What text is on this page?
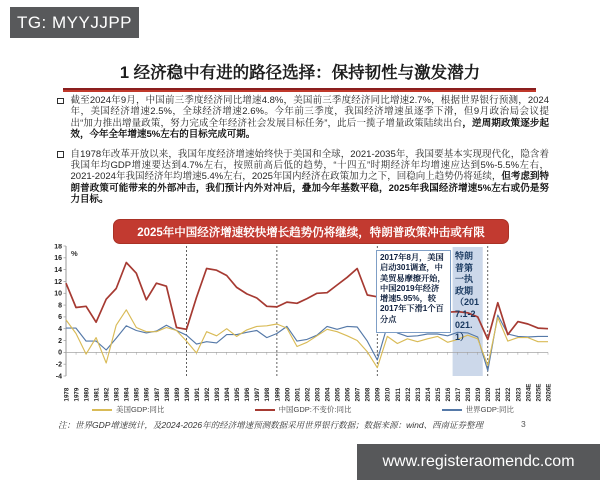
TG: MYYJJPP
1 经济稳中有进的路径选择：保持韧性与激发潜力
截至2024年9月，中国前三季度经济同比增速4.8%，美国前三季度经济同比增速2.7%，根据世界银行预测，2024年，美国经济增速2.5%，全球经济增速2.6%。今年前三季度，我国经济增速虽逐季下滑，但9月政治局会议提出“加力推出增量政策，努力完成全年经济社会发展目标任务”，此后一揽子增量政策陆续出台，逆周期政策逐步起效，今年全年增速5%左右的目标完成可期。
自1978年改革开放以来，我国年度经济增速始终快于美国和全球，2021-2035年，我国要基本实现现代化，隐含着我国年均GDP增速要达到4.7%左右，按照前高后低的趋势，“十四五”时期经济年均增速应达到5%-5.5%左右，2021-2024年我国经济年均增速5.4%左右，2025年国内经济在政策加力之下，回稳向上趋势仍将延续，但考虑到特朗普政策可能带来的外部冲击，我们预计内外对冲后，叠加今年基数平稳，2025年我国经济增速5%左右或仍是努力目标。
2025年中国经济增速较快增长趋势仍将继续，特朗普政策冲击或有限
-4
-2
0
2
4
6
8
10
12
14
16
18
1978 1979 1980 1981 1982 1983 1984 1985 1986 1987 1988 1989 1990 1991 1992 1993 1994 1995 1996 1997 1998 1999 2000 2001 2002 2003 2004 2005 2006 2007 2008 2009 2010 2011 2012 2013 2014 2015 2016 2017 2018 2019 2020 2021 2022 2023 2024E 2025E 2026E
%	2017年8月，美国启动301调查，中美贸易摩擦开始，中国2019年经济增速5.95%，较2017年下滑1个百分点
特朗普第一执政期（2017.1-2021.1）
美国GDP:同比	中国GDP:不变价:同比	世界GDP:同比
注：世界GDP增速统计，及2024-2026年的经济增速预测数据采用世界银行数据；数据来源：wind、西南证券整理	3
www.registeraomendc.com
